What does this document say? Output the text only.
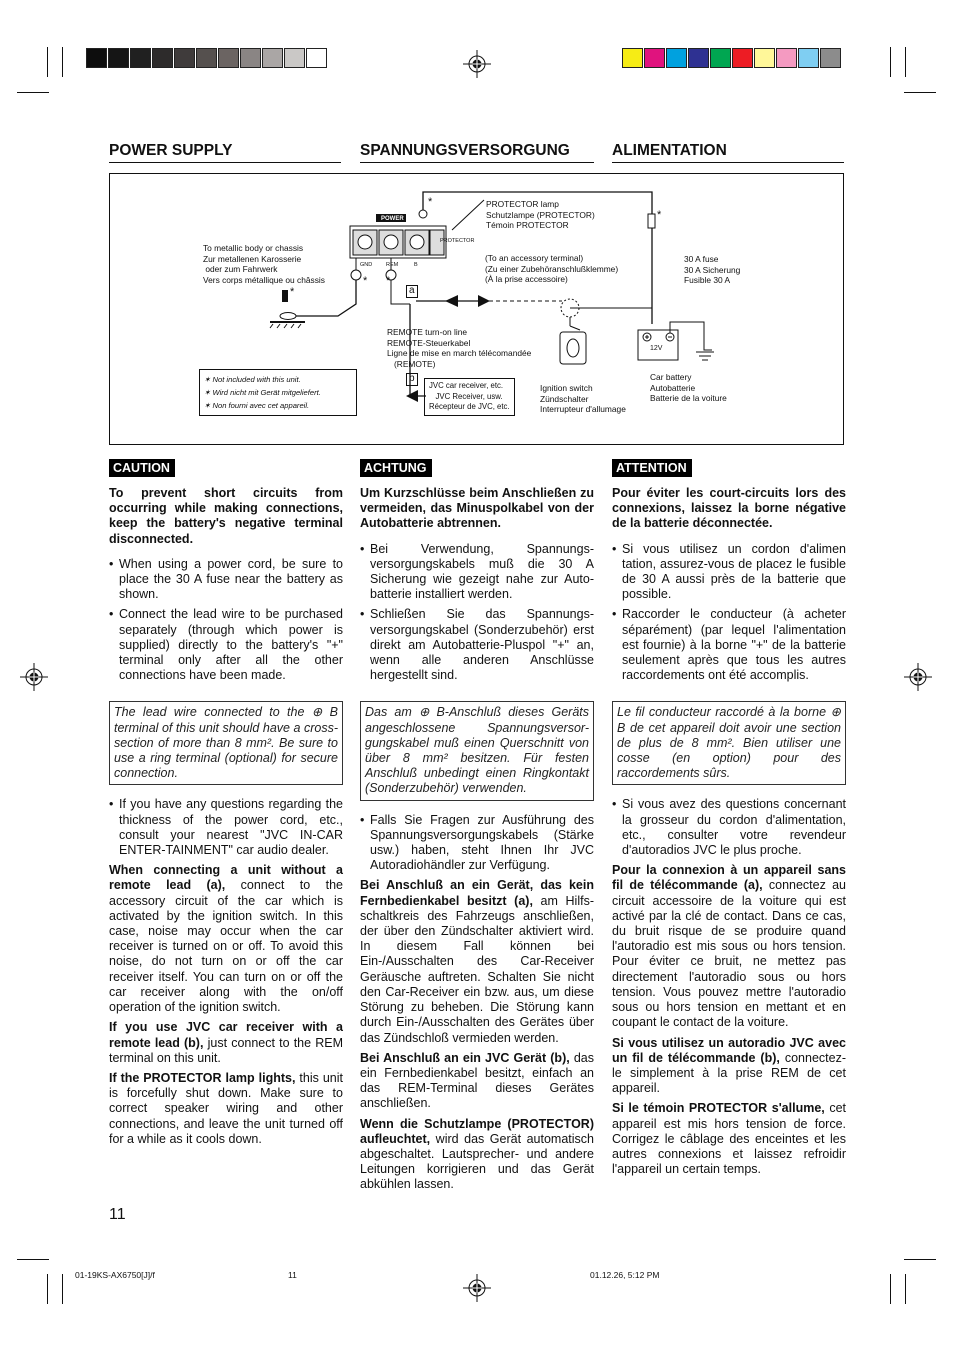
POWER SUPPLY	SPANNUNGSVERSORGUNG	ALIMENTATION
POWER
PROTECTOR
GND	REM	B
*
* *
*
*
PROTECTOR lamp
Schutzlampe (PROTECTOR)
Témoin PROTECTOR
To metallic body or chassis
Zur metallenen Karosserie
oder zum Fahrwerk
Vers corps métallique ou châssis
(To an accessory terminal)
(Zu einer Zubehöranschlußklemme)
(À la prise accessoire)
30 A fuse
30 A Sicherung
Fusible 30 A
REMOTE turn-on line
REMOTE-Steuerkabel
Ligne de mise en march télécomandée
(REMOTE)
12V
a
b
JVC car receiver, etc.
JVC Receiver, usw.
Récepteur de JVC, etc.
Ignition switch
Zündschalter
Interrupteur d'allumage
Car battery
Autobatterie
Batterie de la voiture
✶ Not included with this unit.
✶ Wird nicht mit Gerät mitgeliefert.
✶ Non fourni avec cet appareil.
CAUTION	ACHTUNG	ATTENTION

To prevent short circuits from occurring while making connections, keep the battery's negative terminal disconnected.

• When using a power cord, be sure to place the 30 A fuse near the battery as shown.
• Connect the lead wire to be purchased separately (through which power is supplied) directly to the battery's "+" terminal only after all the other connections have been made.
The lead wire connected to the ⊕ B terminal of this unit should have a cross-section of more than 8 mm². Be sure to use a ring terminal (optional) for secure connection.
• If you have any questions regarding the thickness of the power cord, etc., consult your nearest "JVC IN-CAR ENTER-TAINMENT" car audio dealer.

When connecting a unit without a remote lead (a), connect to the accessory circuit of the car which is activated by the ignition switch. In this case, noise may occur when the car receiver is turned on or off. To avoid this noise, do not turn on or off the car receiver itself. You can turn on or off the car receiver along with the on/off operation of the ignition switch.

If you use JVC car receiver with a remote lead (b), just connect to the REM terminal on this unit.

If the PROTECTOR lamp lights, this unit is forcefully shut down. Make sure to correct speaker wiring and other connections, and leave the unit turned off for a while as it cools down.

Um Kurzschlüsse beim Anschließen zu vermeiden, das Minuspolkabel von der Autobatterie abtrennen.

• Bei Verwendung, Spannungs-versorgungskabels muß die 30 A Sicherung wie gezeigt nahe zur Auto-batterie installiert werden.
• Schließen Sie das Spannungs-versorgungskabel (Sonderzubehör) erst direkt am Autobatterie-Pluspol "+" an, wenn alle anderen Anschlüsse hergestellt sind.
Das am ⊕ B-Anschluß dieses Geräts angeschlossene Spannungsversor-gungskabel muß einen Querschnitt von über 8 mm² besitzen. Für festen Anschluß unbedingt einen Ringkontakt (Sonderzubehör) verwenden.
• Falls Sie Fragen zur Ausführung des Spannungsversorgungskabels (Stärke usw.) haben, steht Ihnen Ihr JVC Autoradiohändler zur Verfügung.

Bei Anschluß an ein Gerät, das kein Fernbedienkabel besitzt (a), am Hilfs-schaltkreis des Fahrzeugs anschließen, der über den Zündschalter aktiviert wird. In diesem Fall können bei Ein-/Ausschalten des Car-Receiver Geräusche auftreten. Schalten Sie nicht den Car-Receiver ein bzw. aus, um diese Störung zu beheben. Die Störung kann durch Ein-/Ausschalten des Gerätes über das Zündschloß vermieden werden.

Bei Anschluß an ein JVC Gerät (b), das ein Fernbedienkabel besitzt, einfach an das REM-Terminal dieses Gerätes anschließen.

Wenn die Schutzlampe (PROTECTOR) aufleuchtet, wird das Gerät automatisch abgeschaltet. Lautsprecher- und andere Leitungen korrigieren und das Gerät abkühlen lassen.

Pour éviter les court-circuits lors des connexions, laissez la borne négative de la batterie déconnectée.

• Si vous utilisez un cordon d'alimen tation, assurez-vous de placez le fusible de 30 A aussi près de la batterie que possible.
• Raccorder le conducteur (à acheter séparément) (par lequel l'alimentation est fournie) à la borne "+" de la batterie seulement après que tous les autres raccordements ont été accomplis.
Le fil conducteur raccordé à la borne ⊕ B de cet appareil doit avoir une section de plus de 8 mm². Bien utiliser une cosse (en option) pour des raccordements sûrs.
• Si vous avez des questions concernant la grosseur du cordon d'alimentation, etc., consulter votre revendeur d'autoradios JVC le plus proche.

Pour la connexion à un appareil sans fil de télécommande (a), connectez au circuit accessoire de la voiture qui est activé par la clé de contact. Dans ce cas, du bruit risque de se produire quand l'autoradio est mis sous ou hors tension. Pour éviter ce bruit, ne mettez pas directement l'autoradio sous ou hors tension. Vous pouvez mettre l'autoradio sous ou hors tension en mettant et en coupant le contact de la voiture.

Si vous utilisez un autoradio JVC avec un fil de télécommande (b), connectez-le simplement à la prise REM de cet appareil.

Si le témoin PROTECTOR s'allume, cet appareil est mis hors tension de force. Corrigez le câblage des enceintes et les autres connexions et laissez refroidir l'appareil un certain temps.

11
01-19KS-AX6750[J]/f	11	01.12.26, 5:12 PM
